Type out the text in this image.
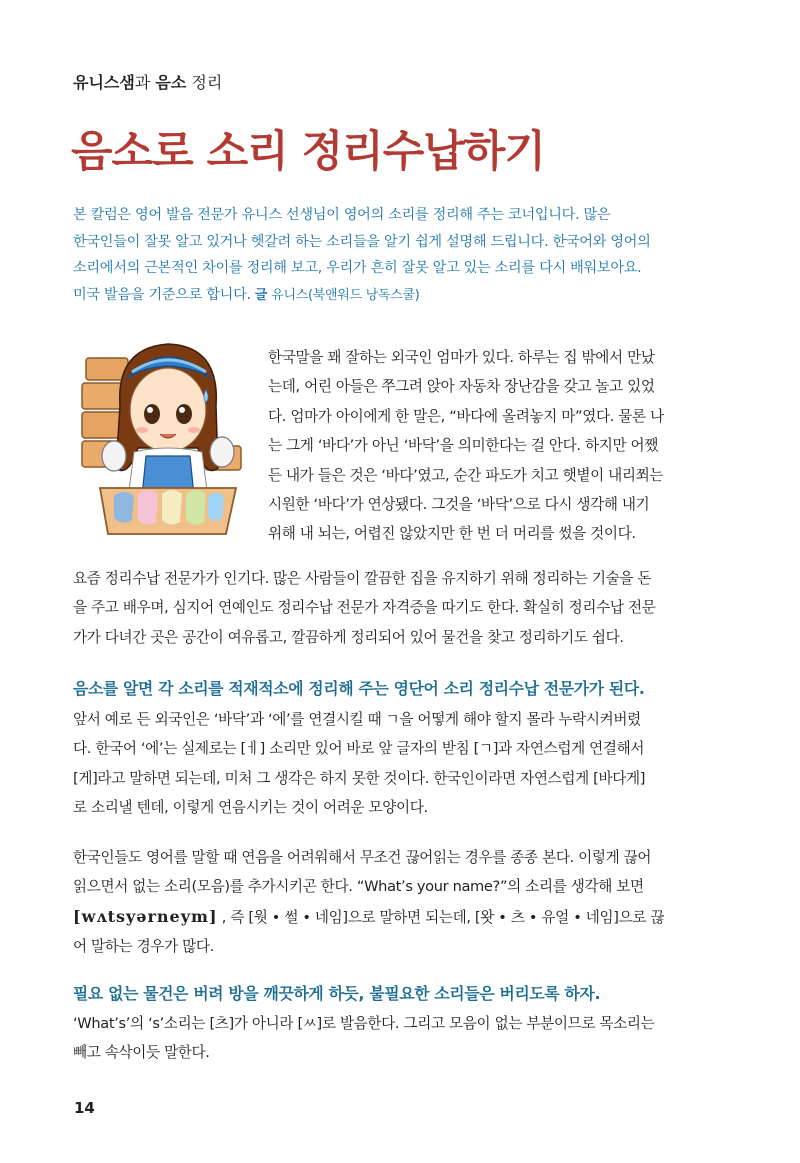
유니스샘과 음소 정리
음소로 소리 정리수납하기

본 칼럼은 영어 발음 전문가 유니스 선생님이 영어의 소리를 정리해 주는 코너입니다. 많은

한국인들이 잘못 알고 있거나 헷갈려 하는 소리들을 알기 쉽게 설명해 드립니다. 한국어와 영어의

소리에서의 근본적인 차이를 정리해 보고, 우리가 흔히 잘못 알고 있는 소리를 다시 배워보아요.

미국 발음을 기준으로 합니다. 글 유니스(북앤워드 낭독스쿨)

한국말을 꽤 잘하는 외국인 엄마가 있다. 하루는 집 밖에서 만났

는데, 어린 아들은 쭈그려 앉아 자동차 장난감을 갖고 놀고 있었

다. 엄마가 아이에게 한 말은, “바다에 올려놓지 마”였다. 물론 나

는 그게 ‘바다’가 아닌 ‘바닥’을 의미한다는 걸 안다. 하지만 어쨌

든 내가 들은 것은 ‘바다’였고, 순간 파도가 치고 햇볕이 내리쬐는

시원한 ‘바다’가 연상됐다. 그것을 ‘바닥’으로 다시 생각해 내기

위해 내 뇌는, 어렵진 않았지만 한 번 더 머리를 썼을 것이다.

요즘 정리수납 전문가가 인기다. 많은 사람들이 깔끔한 집을 유지하기 위해 정리하는 기술을 돈

을 주고 배우며, 심지어 연예인도 정리수납 전문가 자격증을 따기도 한다. 확실히 정리수납 전문

가가 다녀간 곳은 공간이 여유롭고, 깔끔하게 정리되어 있어 물건을 찾고 정리하기도 쉽다.

음소를 알면 각 소리를 적재적소에 정리해 주는 영단어 소리 정리수납 전문가가 된다.

앞서 예로 든 외국인은 ‘바닥’과 ‘에’를 연결시킬 때 ㄱ을 어떻게 해야 할지 몰라 누락시켜버렸

다. 한국어 ‘에’는 실제로는 [ㅔ] 소리만 있어 바로 앞 글자의 받침 [ㄱ]과 자연스럽게 연결해서

[게]라고 말하면 되는데, 미처 그 생각은 하지 못한 것이다. 한국인이라면 자연스럽게 [바다게]

로 소리낼 텐데, 이렇게 연음시키는 것이 어려운 모양이다.

한국인들도 영어를 말할 때 연음을 어려워해서 무조건 끊어읽는 경우를 종종 본다. 이렇게 끊어

읽으면서 없는 소리(모음)를 추가시키곤 한다. “What’s your name?”의 소리를 생각해 보면

[wʌtsyərneym] , 즉 [웟 • 썰 • 네임]으로 말하면 되는데, [왓 • 츠 • 유얼 • 네임]으로 끊

어 말하는 경우가 많다.

필요 없는 물건은 버려 방을 깨끗하게 하듯, 불필요한 소리들은 버리도록 하자.

‘What’s’의 ‘s’소리는 [츠]가 아니라 [ㅆ]로 발음한다. 그리고 모음이 없는 부분이므로 목소리는

빼고 속삭이듯 말한다.

14
